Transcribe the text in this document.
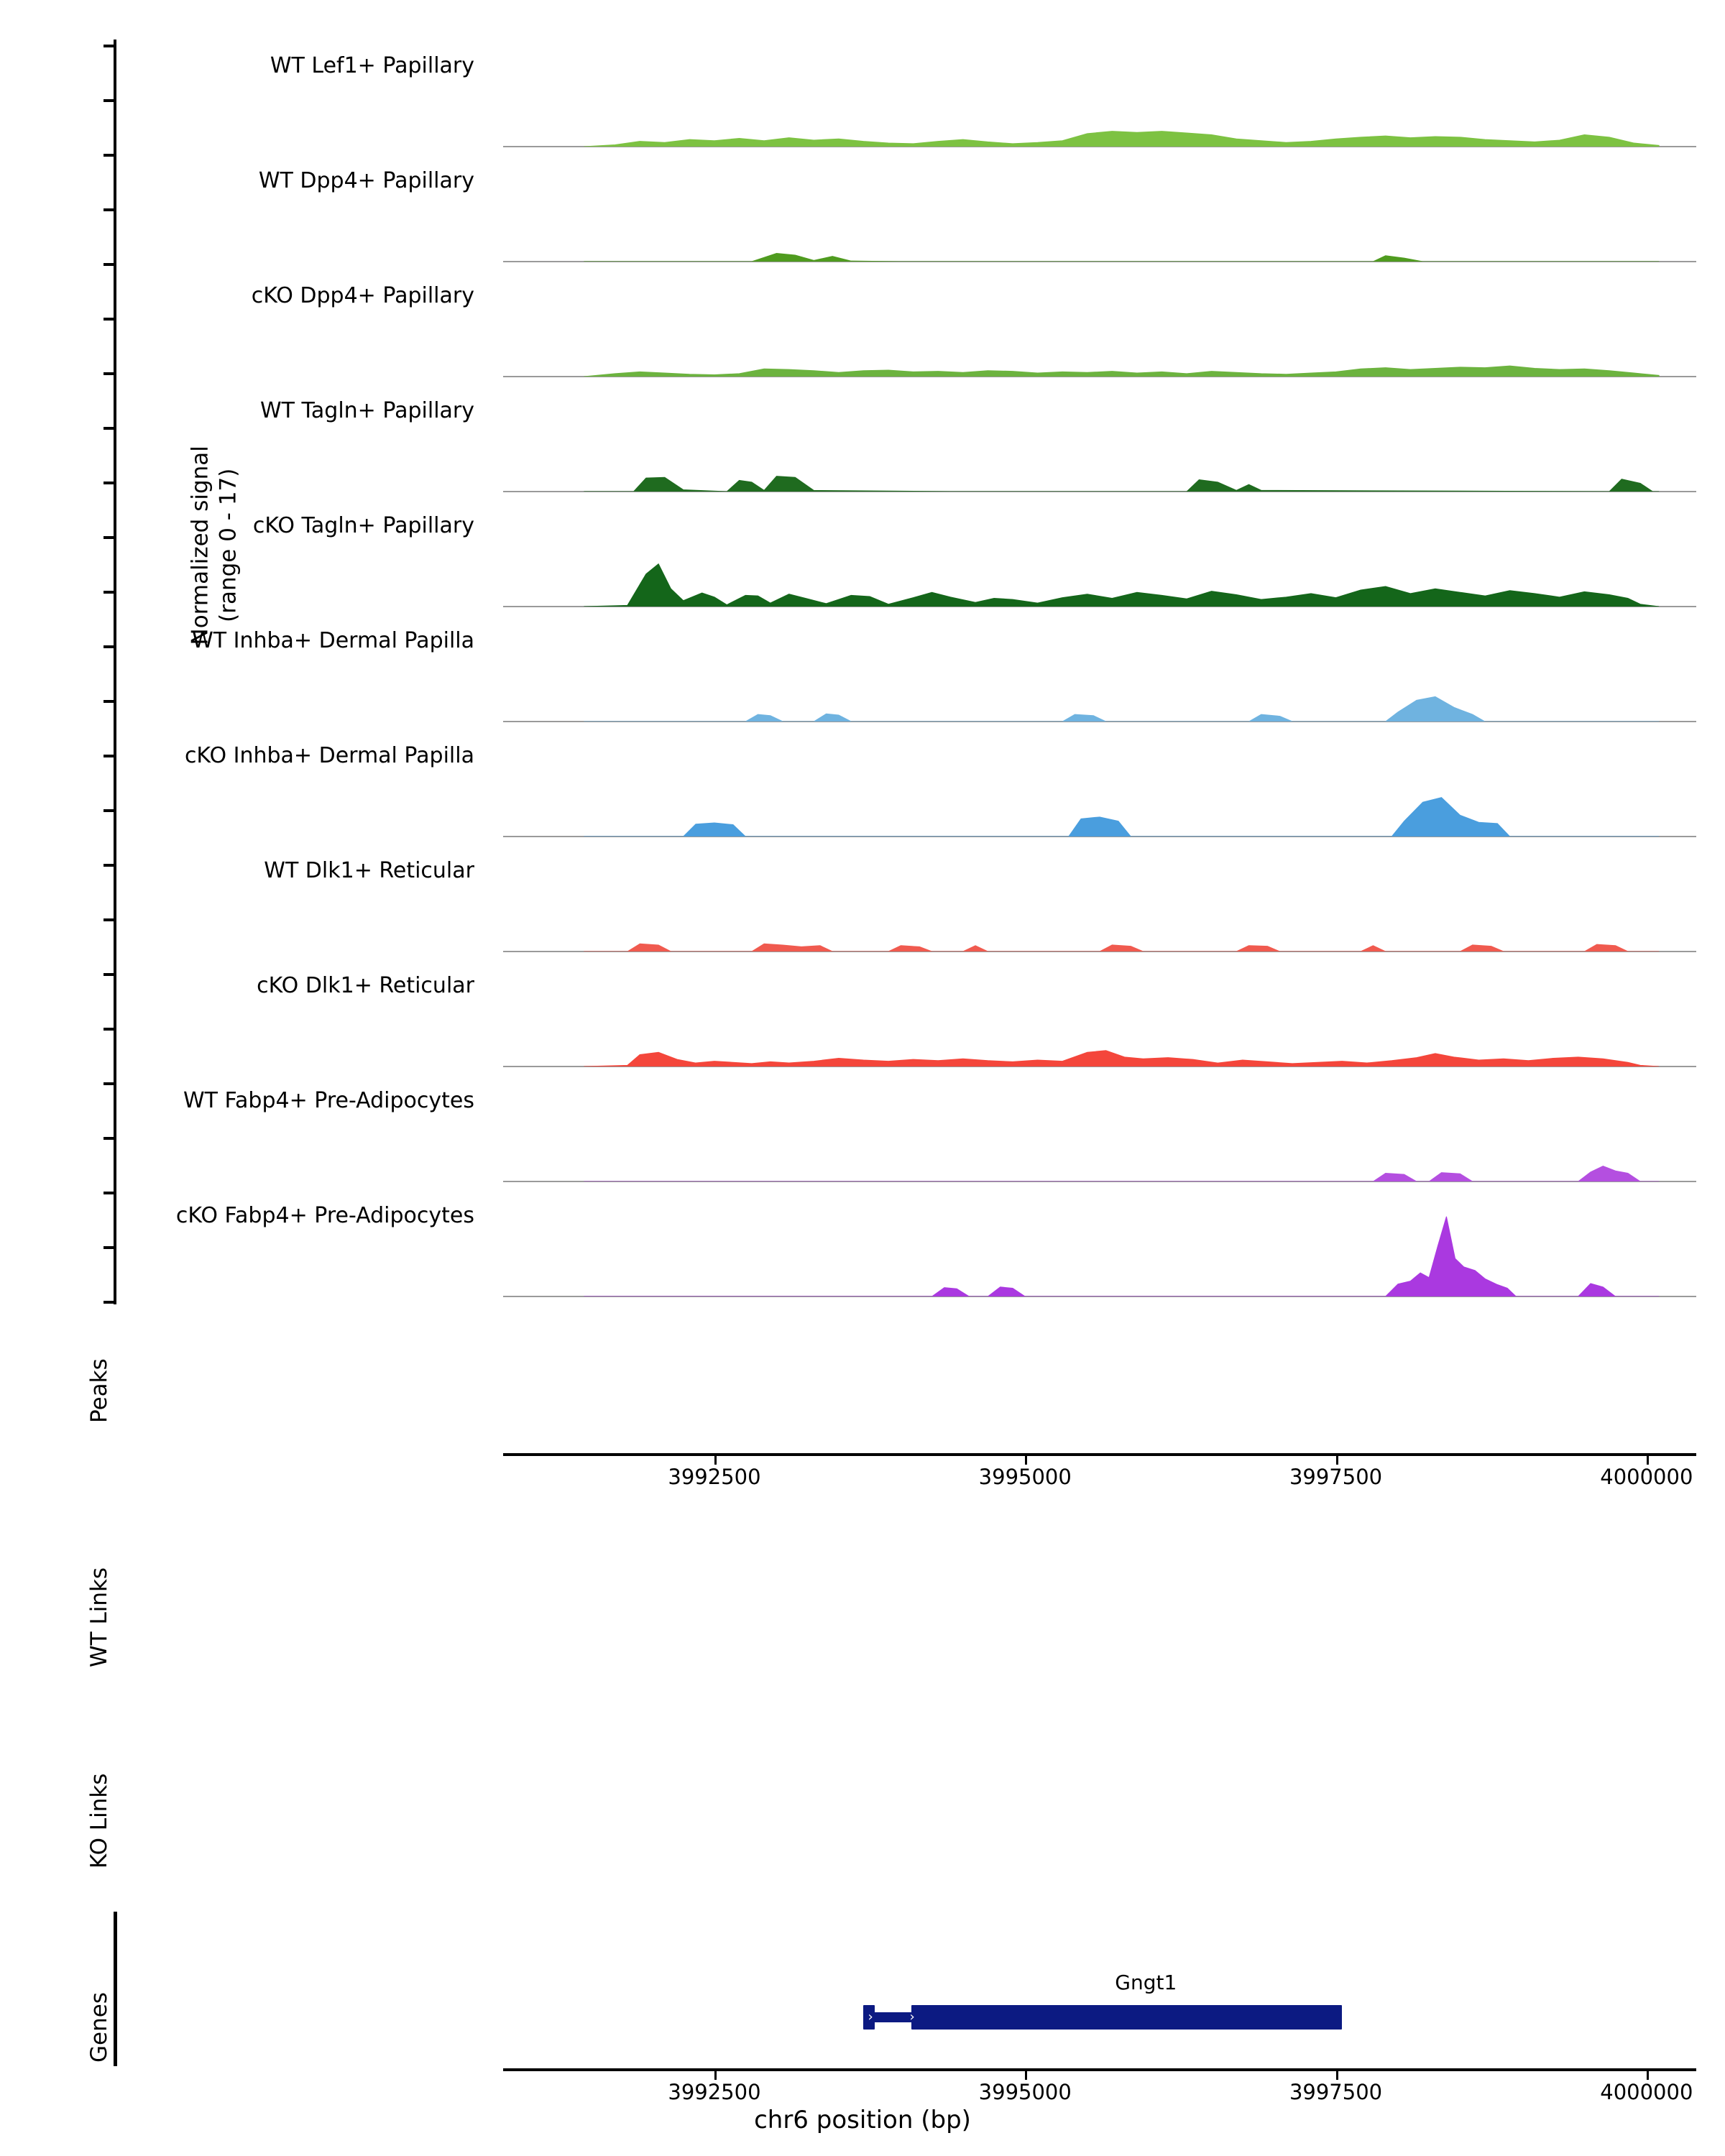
Normalized signal
(range 0 - 17)
WT Lef1+ Papillary
WT Dpp4+ Papillary
cKO Dpp4+ Papillary
WT Tagln+ Papillary
cKO Tagln+ Papillary
WT Inhba+ Dermal Papilla
cKO Inhba+ Dermal Papilla
WT Dlk1+ Reticular
cKO Dlk1+ Reticular
WT Fabp4+ Pre-Adipocytes
cKO Fabp4+ Pre-Adipocytes
Peaks
WT Links
KO Links
Genes
3992500	3995000	3997500	4000000
›	›
Gngt1
3992500	3995000	3997500	4000000
chr6 position (bp)
